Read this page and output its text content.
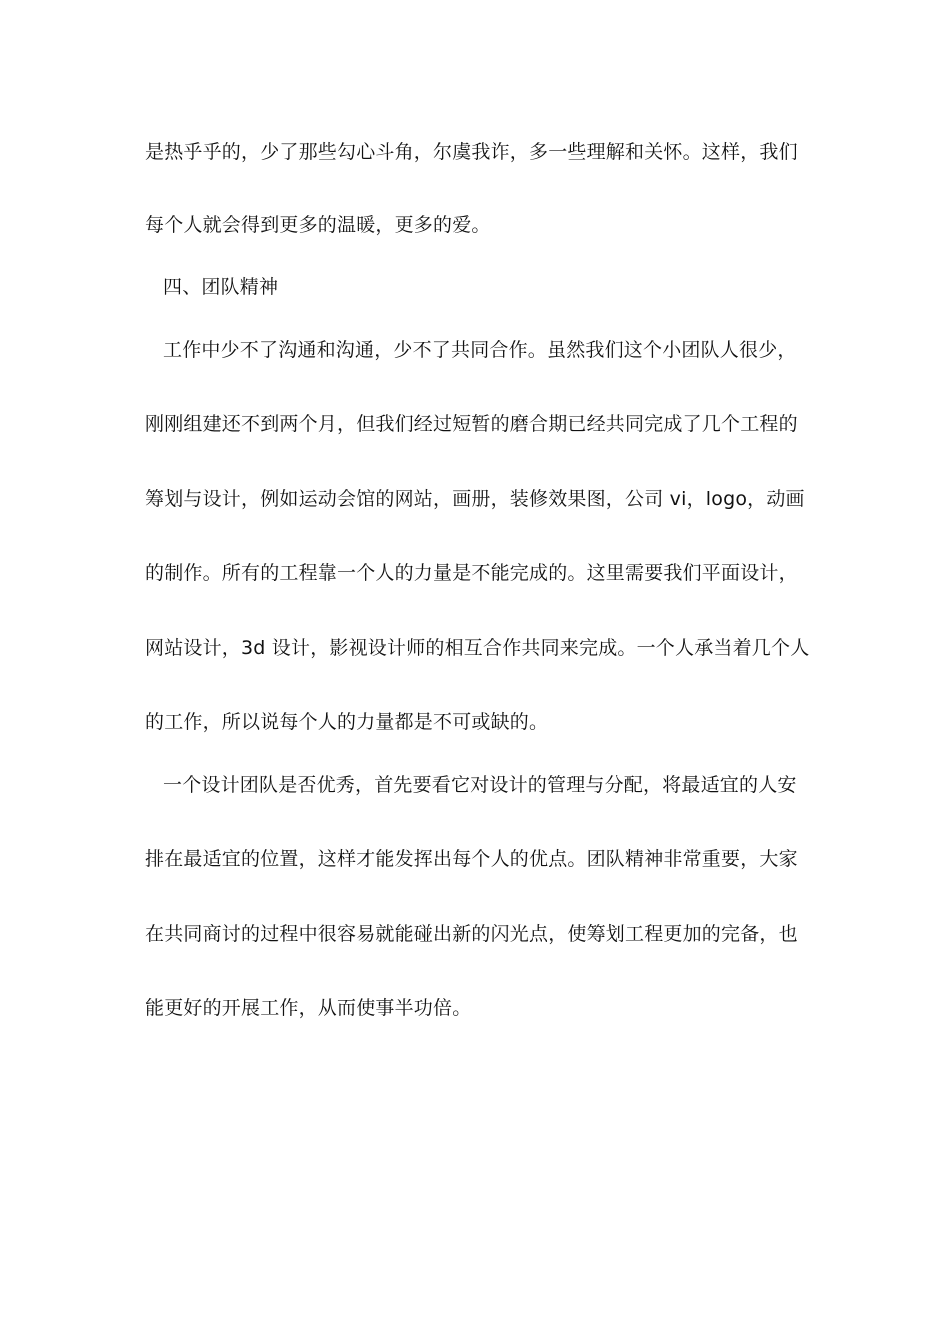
是热乎乎的，少了那些勾心斗角，尔虞我诈，多一些理解和关怀。这样，我们
每个人就会得到更多的温暖，更多的爱。
四、团队精神
工作中少不了沟通和沟通，少不了共同合作。虽然我们这个小团队人很少，
刚刚组建还不到两个月，但我们经过短暂的磨合期已经共同完成了几个工程的
筹划与设计，例如运动会馆的网站，画册，装修效果图，公司 vi，logo，动画
的制作。所有的工程靠一个人的力量是不能完成的。这里需要我们平面设计，
网站设计，3d 设计，影视设计师的相互合作共同来完成。一个人承当着几个人
的工作，所以说每个人的力量都是不可或缺的。
一个设计团队是否优秀，首先要看它对设计的管理与分配，将最适宜的人安
排在最适宜的位置，这样才能发挥出每个人的优点。团队精神非常重要，大家
在共同商讨的过程中很容易就能碰出新的闪光点，使筹划工程更加的完备，也
能更好的开展工作，从而使事半功倍。
